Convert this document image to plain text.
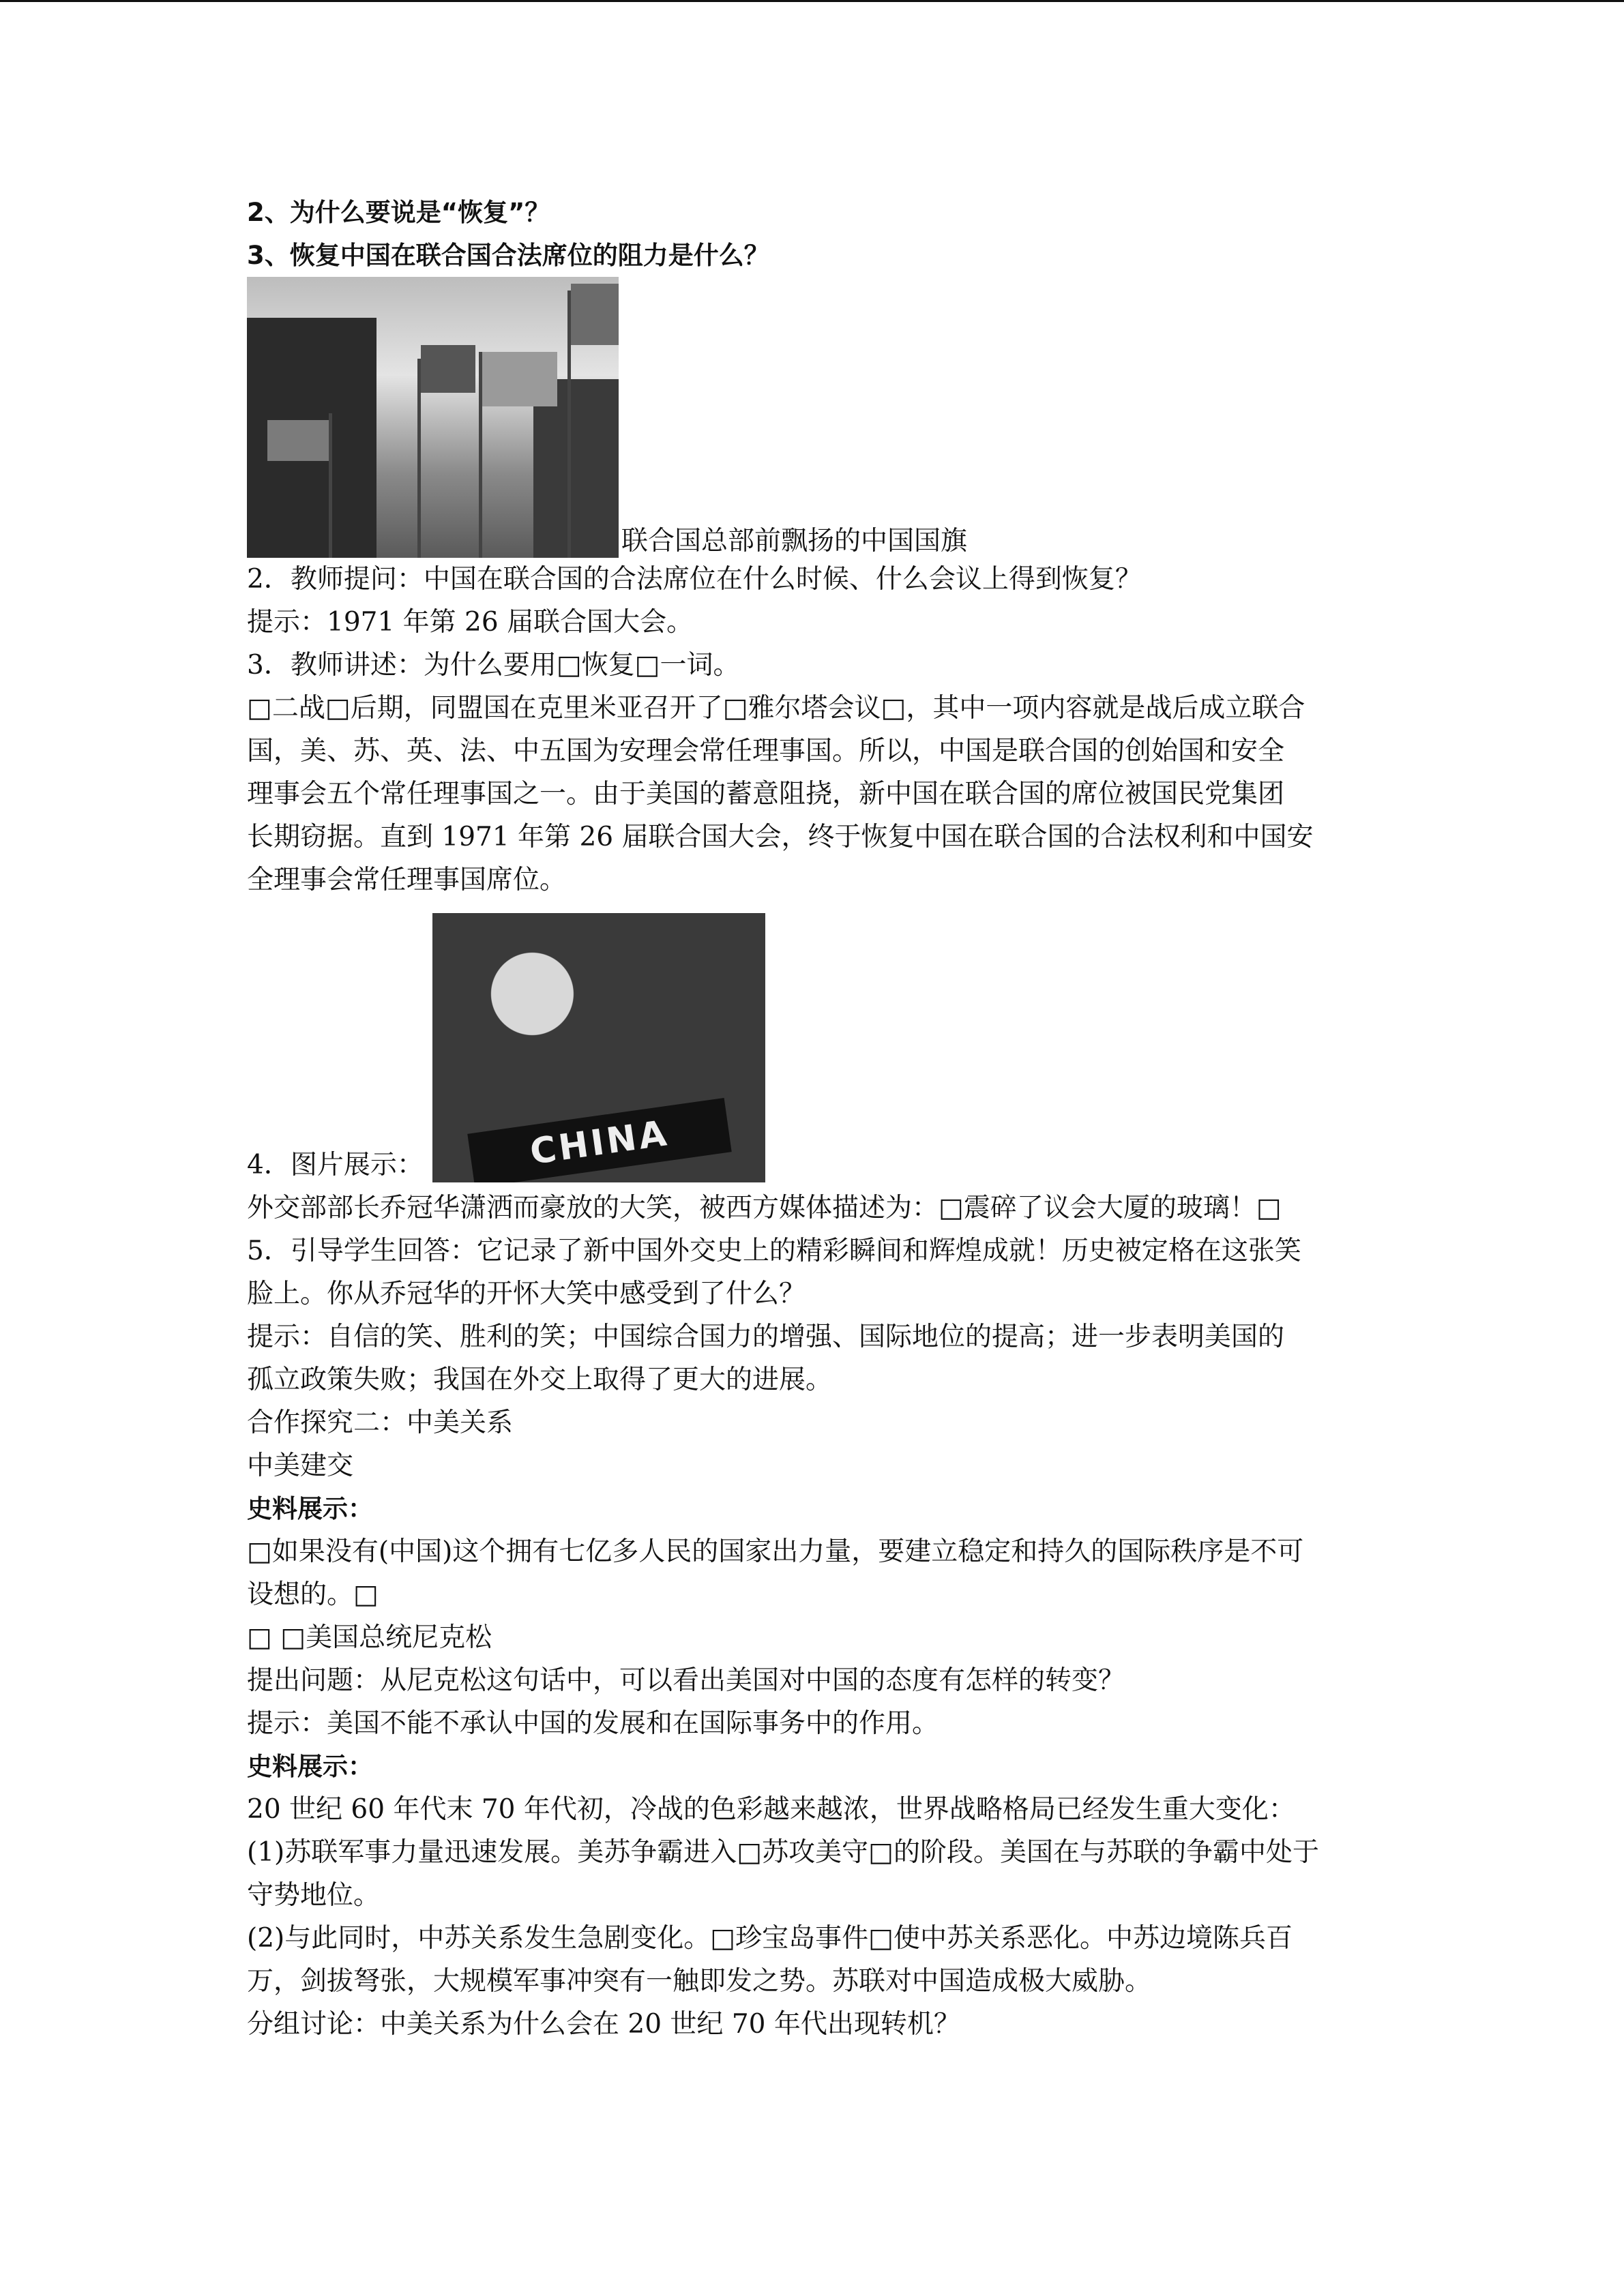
2、为什么要说是“恢复”？
3、恢复中国在联合国合法席位的阻力是什么？
联合国总部前飘扬的中国国旗
2．教师提问：中国在联合国的合法席位在什么时候、什么会议上得到恢复？
提示：1971 年第 26 届联合国大会。
3．教师讲述：为什么要用□恢复□一词。
□二战□后期，同盟国在克里米亚召开了□雅尔塔会议□，其中一项内容就是战后成立联合
国，美、苏、英、法、中五国为安理会常任理事国。所以，中国是联合国的创始国和安全
理事会五个常任理事国之一。由于美国的蓄意阻挠，新中国在联合国的席位被国民党集团
长期窃据。直到 1971 年第 26 届联合国大会，终于恢复中国在联合国的合法权利和中国安
全理事会常任理事国席位。
4．图片展示：	CHINA
外交部部长乔冠华潇洒而豪放的大笑，被西方媒体描述为：□震碎了议会大厦的玻璃！□
5．引导学生回答：它记录了新中国外交史上的精彩瞬间和辉煌成就！历史被定格在这张笑
脸上。你从乔冠华的开怀大笑中感受到了什么？
提示：自信的笑、胜利的笑；中国综合国力的增强、国际地位的提高；进一步表明美国的
孤立政策失败；我国在外交上取得了更大的进展。
合作探究二：中美关系
中美建交
史料展示：
□如果没有(中国)这个拥有七亿多人民的国家出力量，要建立稳定和持久的国际秩序是不可
设想的。□
□ □美国总统尼克松
提出问题：从尼克松这句话中，可以看出美国对中国的态度有怎样的转变？
提示：美国不能不承认中国的发展和在国际事务中的作用。
史料展示：
20 世纪 60 年代末 70 年代初，冷战的色彩越来越浓，世界战略格局已经发生重大变化：
(1)苏联军事力量迅速发展。美苏争霸进入□苏攻美守□的阶段。美国在与苏联的争霸中处于
守势地位。
(2)与此同时，中苏关系发生急剧变化。□珍宝岛事件□使中苏关系恶化。中苏边境陈兵百
万，剑拔弩张，大规模军事冲突有一触即发之势。苏联对中国造成极大威胁。
分组讨论：中美关系为什么会在 20 世纪 70 年代出现转机？
